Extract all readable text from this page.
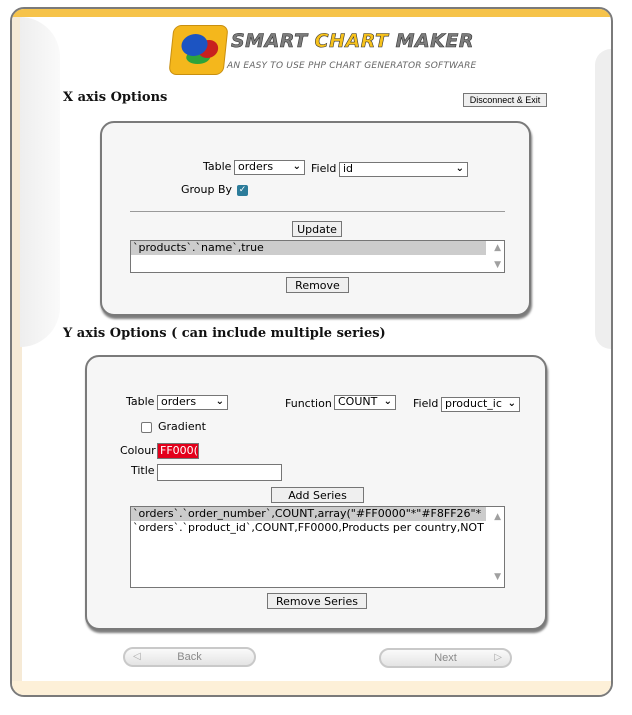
SMART CHART MAKER
AN EASY TO USE PHP CHART GENERATOR SOFTWARE
X axis Options	Disconnect & Exit
Table orders ⌄ Field id	⌄
Group By ✓
Update
`products`.`name`,true	▲
▼
Remove
Y axis Options ( can include multiple series)
Table orders ⌄	Function COUNT ⌄ Field product_ic ⌄
Gradient
Colour FF000(
Title
Add Series
`orders`.`order_number`,COUNT,array("#FF0000"*"#F8FF26"*
`orders`.`product_id`,COUNT,FF0000,Products per country,NOT
▲
▼
Remove Series
◁	Back	Next	▷
